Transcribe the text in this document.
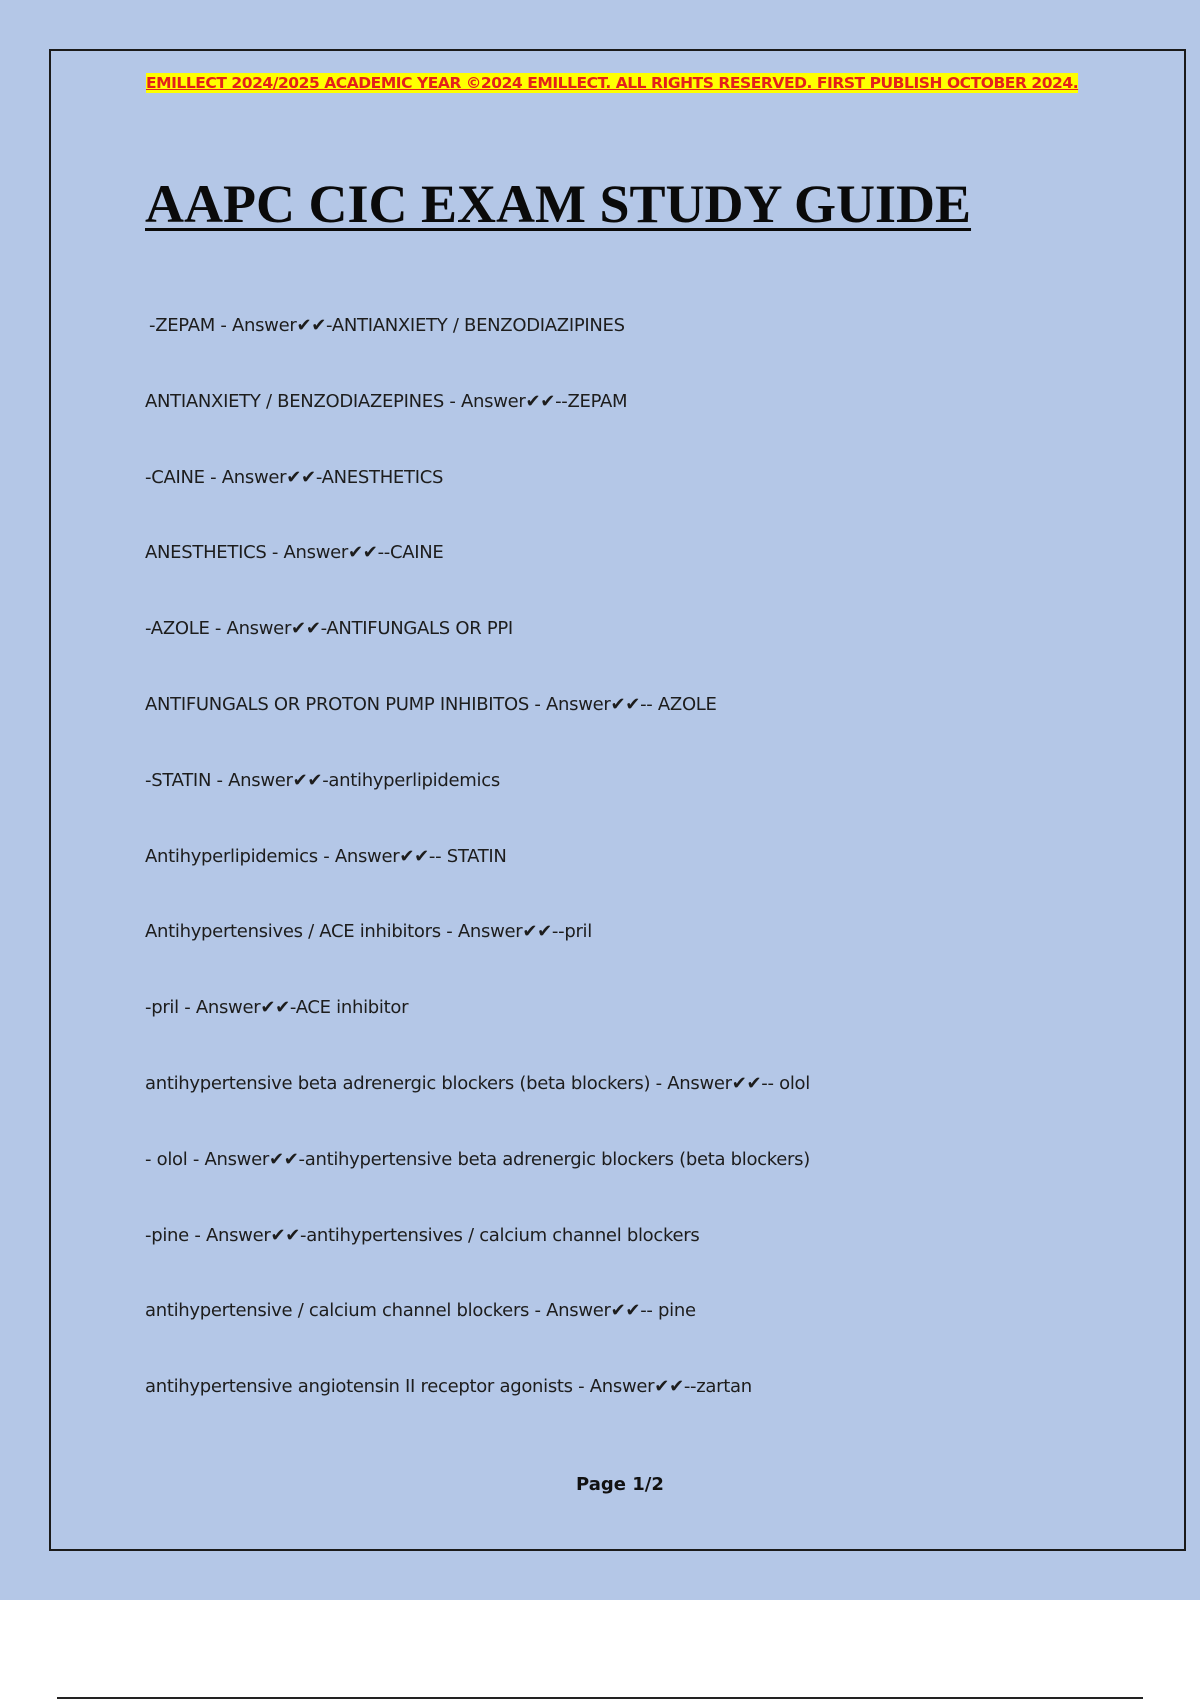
EMILLECT 2024/2025 ACADEMIC YEAR ©2024 EMILLECT. ALL RIGHTS RESERVED. FIRST PUBLISH OCTOBER 2024.
AAPC CIC EXAM STUDY GUIDE
-ZEPAM - Answer✔✔-ANTIANXIETY / BENZODIAZIPINES
ANTIANXIETY / BENZODIAZEPINES - Answer✔✔--ZEPAM
-CAINE - Answer✔✔-ANESTHETICS
ANESTHETICS - Answer✔✔--CAINE
-AZOLE - Answer✔✔-ANTIFUNGALS OR PPI
ANTIFUNGALS OR PROTON PUMP INHIBITOS - Answer✔✔-- AZOLE
-STATIN - Answer✔✔-antihyperlipidemics
Antihyperlipidemics - Answer✔✔-- STATIN
Antihypertensives / ACE inhibitors - Answer✔✔--pril
-pril - Answer✔✔-ACE inhibitor
antihypertensive beta adrenergic blockers (beta blockers) - Answer✔✔-- olol
- olol - Answer✔✔-antihypertensive beta adrenergic blockers (beta blockers)
-pine - Answer✔✔-antihypertensives / calcium channel blockers
antihypertensive / calcium channel blockers - Answer✔✔-- pine
antihypertensive angiotensin II receptor agonists - Answer✔✔--zartan
Page 1/2
